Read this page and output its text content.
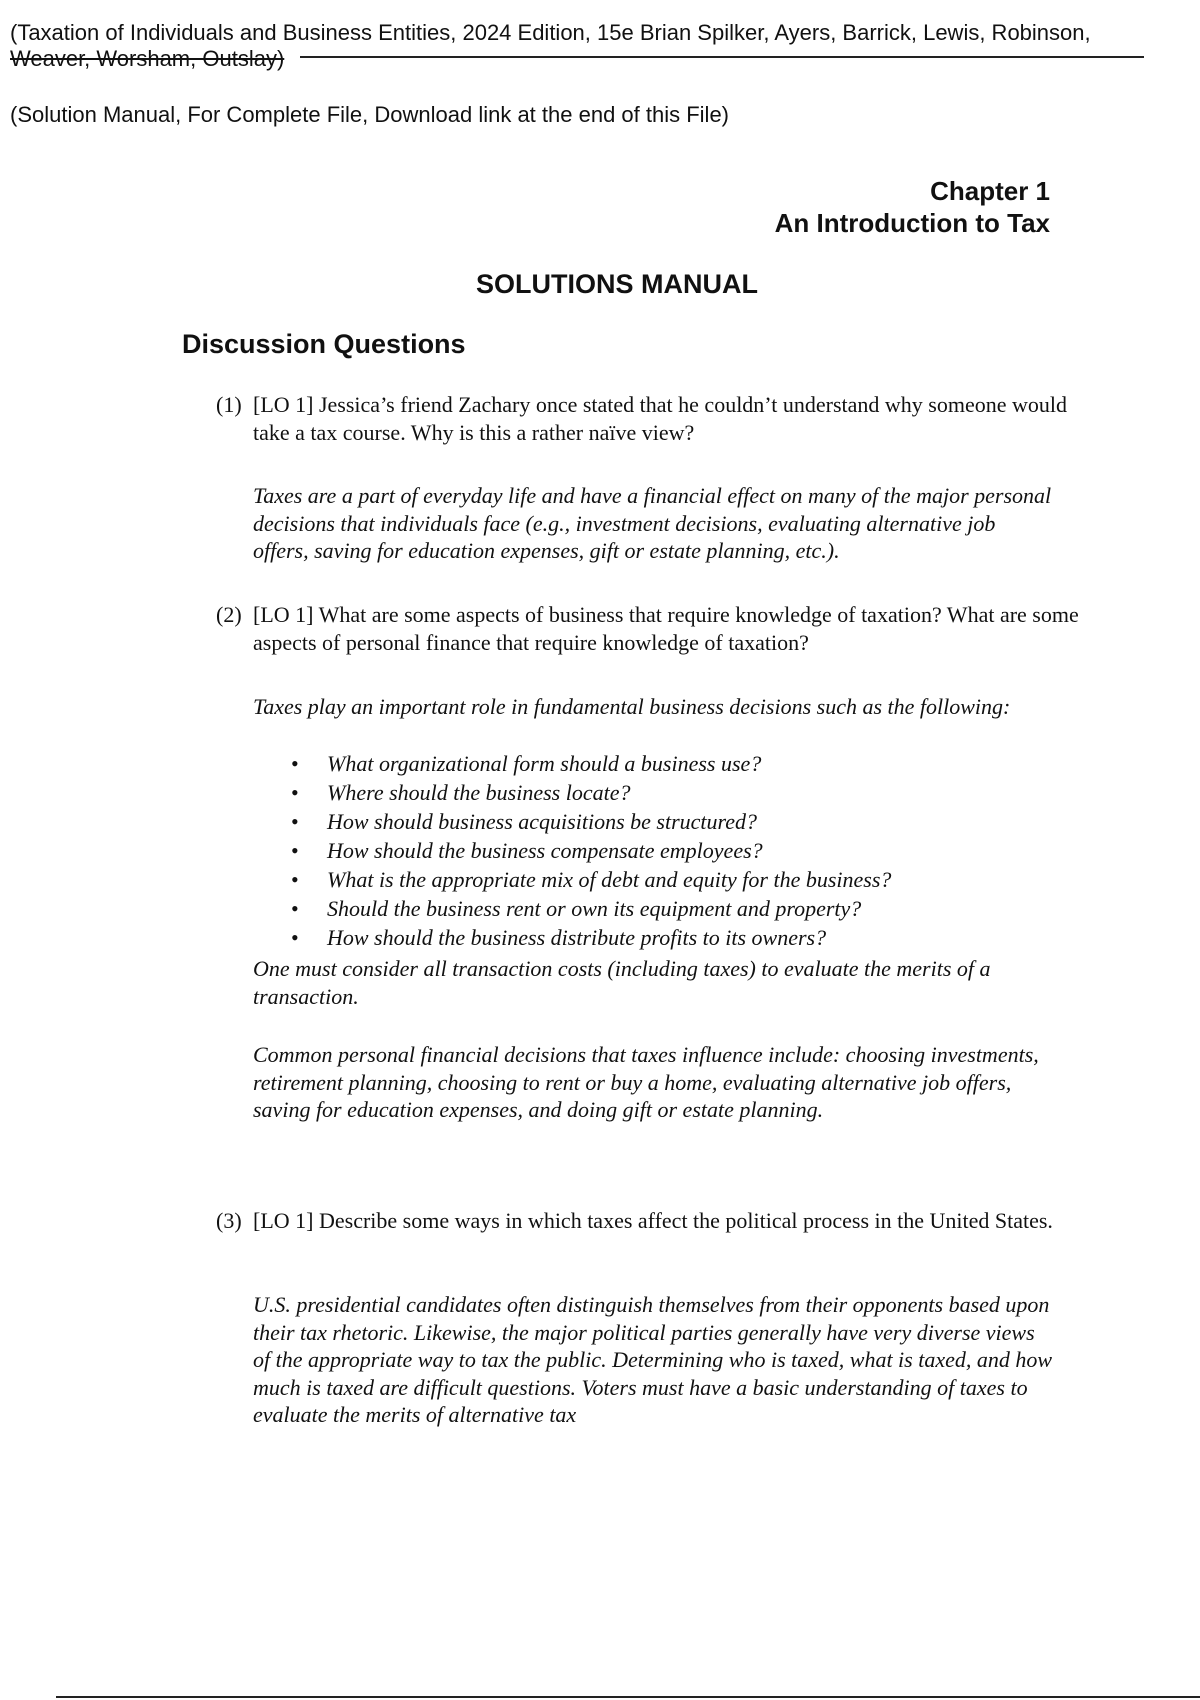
(Taxation of Individuals and Business Entities, 2024 Edition, 15e Brian Spilker, Ayers, Barrick, Lewis, Robinson,
Weaver, Worsham, Outslay)
(Solution Manual, For Complete File, Download link at the end of this File)
Chapter 1
An Introduction to Tax
SOLUTIONS MANUAL
Discussion Questions
(1) [LO 1] Jessica’s friend Zachary once stated that he couldn’t understand why someone would take a tax course. Why is this a rather naïve view?
Taxes are a part of everyday life and have a financial effect on many of the major personal decisions that individuals face (e.g., investment decisions, evaluating alternative job offers, saving for education expenses, gift or estate planning, etc.).
(2) [LO 1] What are some aspects of business that require knowledge of taxation? What are some aspects of personal finance that require knowledge of taxation?
Taxes play an important role in fundamental business decisions such as the following:
• What organizational form should a business use?
• Where should the business locate?
• How should business acquisitions be structured?
• How should the business compensate employees?
• What is the appropriate mix of debt and equity for the business?
• Should the business rent or own its equipment and property?
• How should the business distribute profits to its owners?
One must consider all transaction costs (including taxes) to evaluate the merits of a transaction.
Common personal financial decisions that taxes influence include: choosing investments, retirement planning, choosing to rent or buy a home, evaluating alternative job offers, saving for education expenses, and doing gift or estate planning.
(3) [LO 1] Describe some ways in which taxes affect the political process in the United States.
U.S. presidential candidates often distinguish themselves from their opponents based upon their tax rhetoric. Likewise, the major political parties generally have very diverse views of the appropriate way to tax the public. Determining who is taxed, what is taxed, and how much is taxed are difficult questions. Voters must have a basic understanding of taxes to evaluate the merits of alternative tax
